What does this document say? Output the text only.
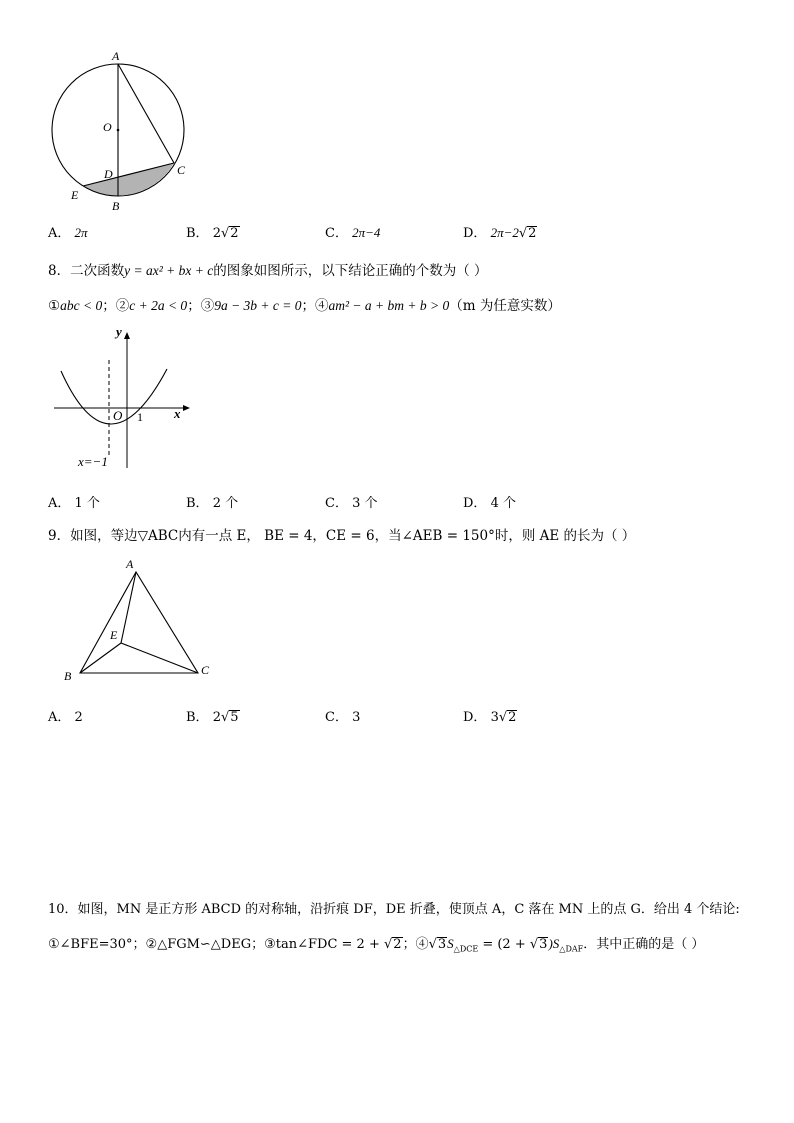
A
O
D	C
E
B
A． 2π	B． 2√2	C． 2π−4	D． 2π−2√2
8．二次函数y = ax² + bx + c的图象如图所示，以下结论正确的个数为（ ）
①abc < 0；②c + 2a < 0；③9a − 3b + c = 0；④am² − a + bm + b > 0（m 为任意实数）
y
x
O 1
x=−1
A． 1 个	B． 2 个	C． 3 个	D． 4 个
9．如图，等边▽ABC内有一点 E， BE = 4，CE = 6，当∠AEB = 150°时，则 AE 的长为（ ）
A
E
B	C
A． 2	B． 2√5	C． 3	D． 3√2
10．如图，MN 是正方形 ABCD 的对称轴，沿折痕 DF，DE 折叠，使顶点 A，C 落在 MN 上的点 G．给出 4 个结论:
①∠BFE=30°；②△FGM∽△DEG；③tan∠FDC = 2 + √2；$④√3S_{\triangle DCE} = (2 + √3)S_{\triangle DAF}$．其中正确的是（ ）
